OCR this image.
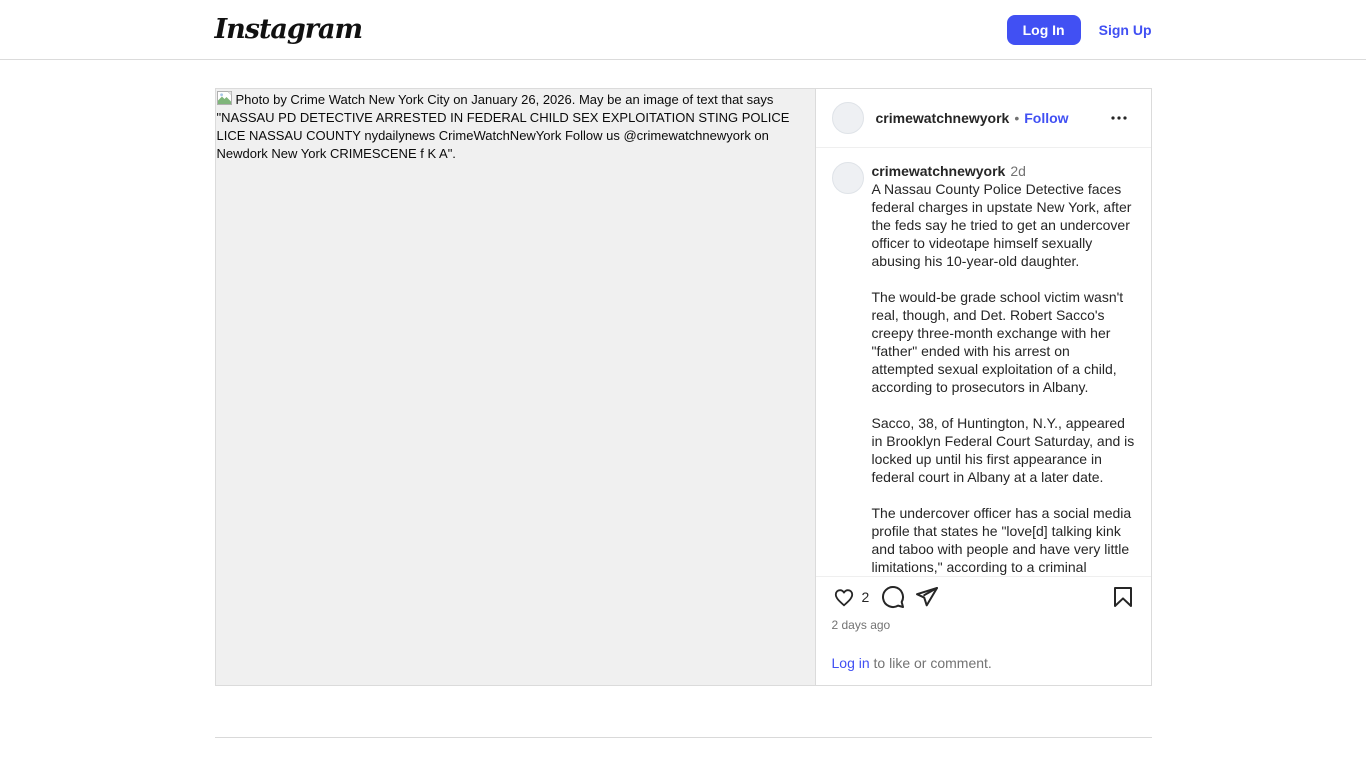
Instagram	Log In	Sign Up
Photo by Crime Watch New York City on January 26, 2026. May be an image of text that says "NASSAU PD DETECTIVE ARRESTED IN FEDERAL CHILD SEX EXPLOITATION STING POLICE LICE NASSAU COUNTY nydailynews CrimeWatchNewYork Follow us @crimewatchnewyork on Newdork New York CRIMESCENE f K A".
crimewatchnewyork • Follow
crimewatchnewyork 2d

A Nassau County Police Detective faces federal charges in upstate New York, after the feds say he tried to get an undercover officer to videotape himself sexually abusing his 10-year-old daughter.

The would-be grade school victim wasn't real, though, and Det. Robert Sacco's creepy three-month exchange with her "father" ended with his arrest on attempted sexual exploitation of a child, according to prosecutors in Albany.

Sacco, 38, of Huntington, N.Y., appeared in Brooklyn Federal Court Saturday, and is locked up until his first appearance in federal court in Albany at a later date.

The undercover officer has a social media profile that states he "love[d] talking kink and taboo with people and have very little limitations," according to a criminal

2
2 days ago
Log in to like or comment.
